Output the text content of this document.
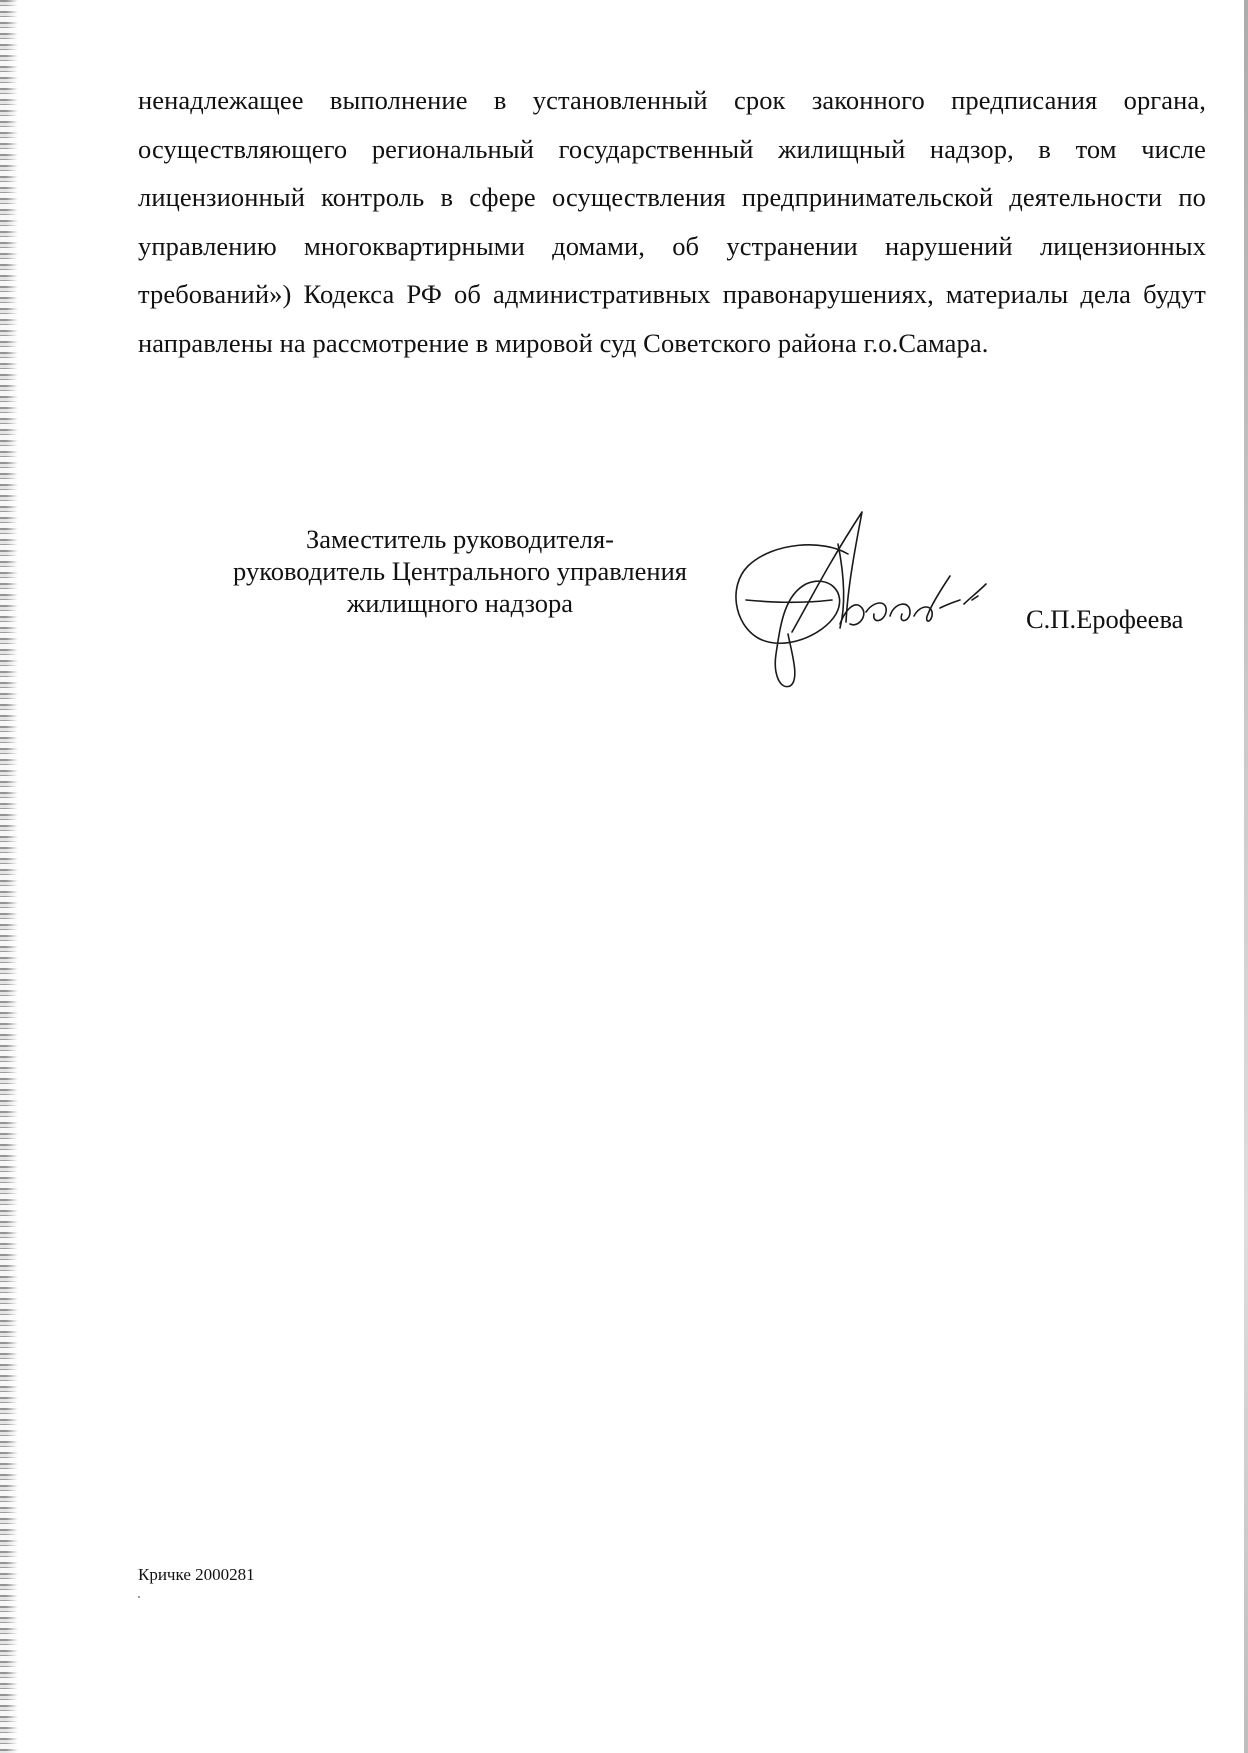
ненадлежащее выполнение в установленный срок законного предписания органа, осуществляющего региональный государственный жилищный надзор, в том числе лицензионный контроль в сфере осуществления предпринимательской деятельности по управлению многоквартирными домами, об устранении нарушений лицензионных требований») Кодекса РФ об административных правонарушениях, материалы дела будут направлены на рассмотрение в мировой суд Советского района г.о.Самара.

Заместитель руководителя-
руководитель Центрального управления
жилищного надзора
С.П.Ерофеева
Кричке 2000281
